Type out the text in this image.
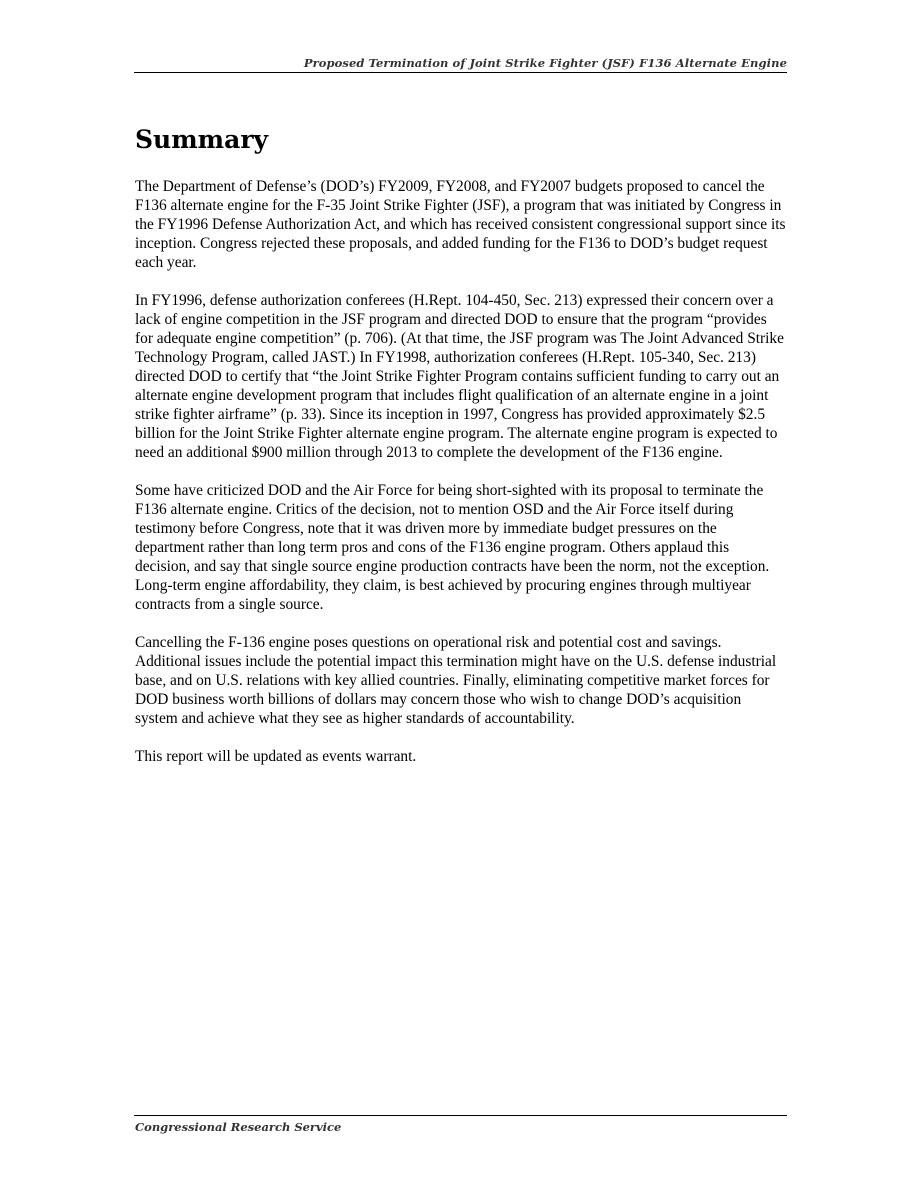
Proposed Termination of Joint Strike Fighter (JSF) F136 Alternate Engine
Summary

The Department of Defense’s (DOD’s) FY2009, FY2008, and FY2007 budgets proposed to cancel the F136 alternate engine for the F-35 Joint Strike Fighter (JSF), a program that was initiated by Congress in the FY1996 Defense Authorization Act, and which has received consistent congressional support since its inception. Congress rejected these proposals, and added funding for the F136 to DOD’s budget request each year.

In FY1996, defense authorization conferees (H.Rept. 104-450, Sec. 213) expressed their concern over a lack of engine competition in the JSF program and directed DOD to ensure that the program “provides for adequate engine competition” (p. 706). (At that time, the JSF program was The Joint Advanced Strike Technology Program, called JAST.) In FY1998, authorization conferees (H.Rept. 105-340, Sec. 213) directed DOD to certify that “the Joint Strike Fighter Program contains sufficient funding to carry out an alternate engine development program that includes flight qualification of an alternate engine in a joint strike fighter airframe” (p. 33). Since its inception in 1997, Congress has provided approximately $2.5 billion for the Joint Strike Fighter alternate engine program. The alternate engine program is expected to need an additional $900 million through 2013 to complete the development of the F136 engine.

Some have criticized DOD and the Air Force for being short-sighted with its proposal to terminate the F136 alternate engine. Critics of the decision, not to mention OSD and the Air Force itself during testimony before Congress, note that it was driven more by immediate budget pressures on the department rather than long term pros and cons of the F136 engine program. Others applaud this decision, and say that single source engine production contracts have been the norm, not the exception. Long-term engine affordability, they claim, is best achieved by procuring engines through multiyear contracts from a single source.

Cancelling the F-136 engine poses questions on operational risk and potential cost and savings. Additional issues include the potential impact this termination might have on the U.S. defense industrial base, and on U.S. relations with key allied countries. Finally, eliminating competitive market forces for DOD business worth billions of dollars may concern those who wish to change DOD’s acquisition system and achieve what they see as higher standards of accountability.

This report will be updated as events warrant.

Congressional Research Service
